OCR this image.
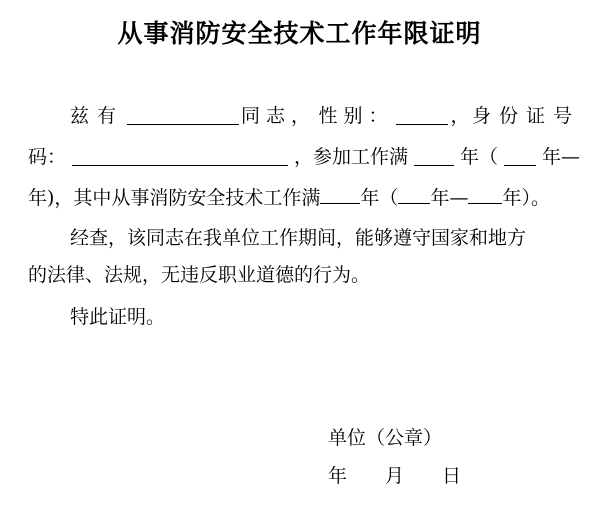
从事消防安全技术工作年限证明
兹有	同志， 性别：	， 身份证号
码：	，参加工作满	年（ 年—
年)，其中从事消防安全技术工作满 年（ 年— 年）。
经查，该同志在我单位工作期间，能够遵守国家和地方
的法律、法规，无违反职业道德的行为。
特此证明。
单位（公章）
年 月 日
